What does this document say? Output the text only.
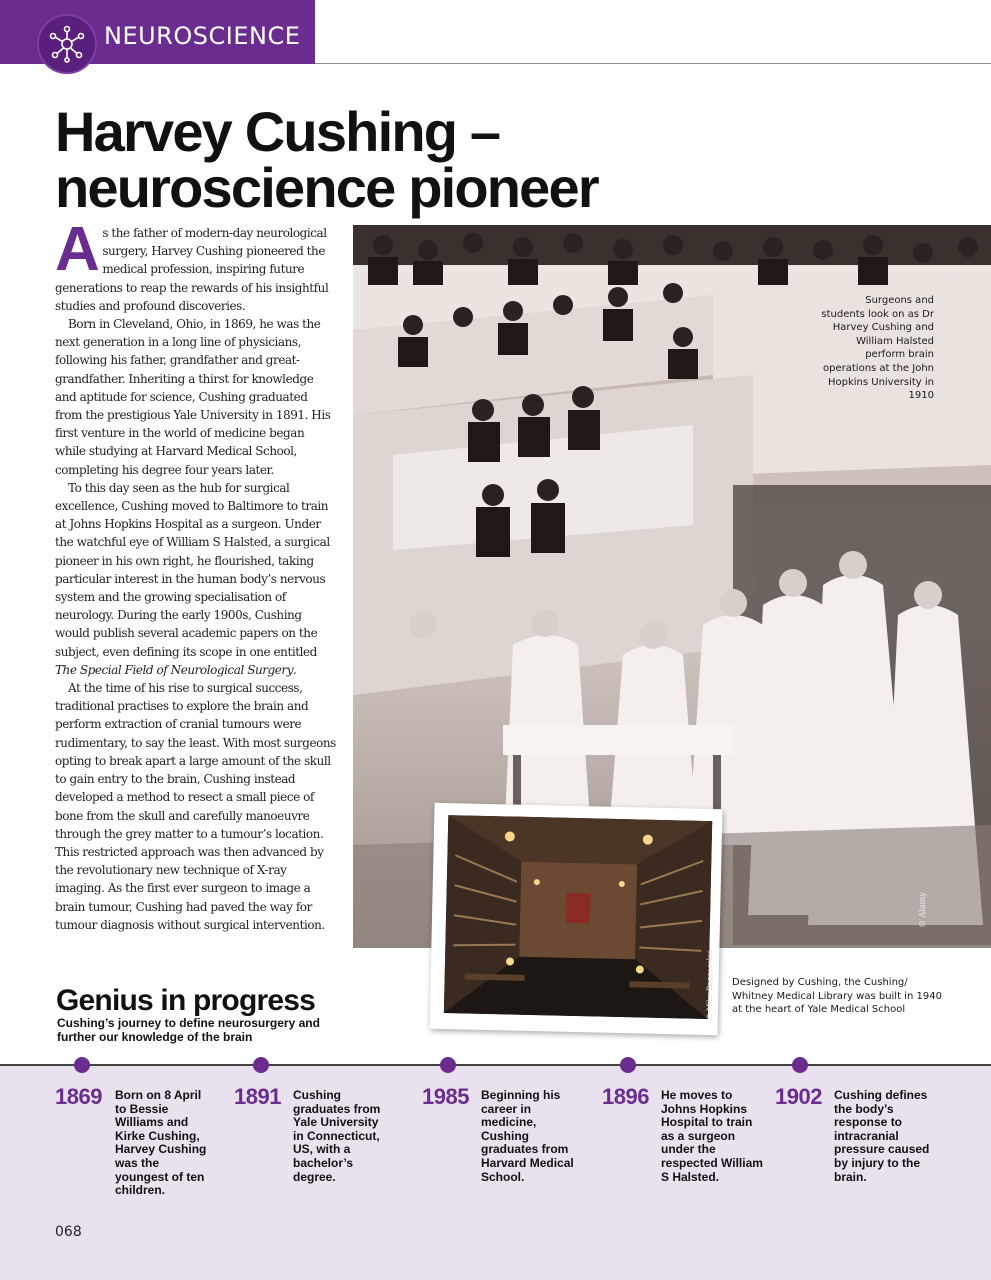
NEUROSCIENCE
Harvey Cushing –
neuroscience pioneer

As the father of modern-day neurological surgery, Harvey Cushing pioneered the medical profession, inspiring future generations to reap the rewards of his insightful studies and profound discoveries.

Born in Cleveland, Ohio, in 1869, he was the next generation in a long line of physicians, following his father, grandfather and great-grandfather. Inheriting a thirst for knowledge and aptitude for science, Cushing graduated from the prestigious Yale University in 1891. His first venture in the world of medicine began while studying at Harvard Medical School, completing his degree four years later.

To this day seen as the hub for surgical excellence, Cushing moved to Baltimore to train at Johns Hopkins Hospital as a surgeon. Under the watchful eye of William S Halsted, a surgical pioneer in his own right, he flourished, taking particular interest in the human body’s nervous system and the growing specialisation of neurology. During the early 1900s, Cushing would publish several academic papers on the subject, even defining its scope in one entitled The Special Field of Neurological Surgery.

At the time of his rise to surgical success, traditional practises to explore the brain and perform extraction of cranial tumours were rudimentary, to say the least. With most surgeons opting to break apart a large amount of the skull to gain entry to the brain, Cushing instead developed a method to resect a small piece of bone from the skull and carefully manoeuvre through the grey matter to a tumour’s location. This restricted approach was then advanced by the revolutionary new technique of X-ray imaging. As the first ever surgeon to image a brain tumour, Cushing had paved the way for tumour diagnosis without surgical intervention.

Surgeons and students look on as Dr Harvey Cushing and William Halsted perform brain operations at the John Hopkins University in 1910
© Alamy
© Mike Baggecolas Designed by Cushing, the Cushing/ Whitney Medical Library was built in 1940 at the heart of Yale Medical School
Genius in progress
Cushing’s journey to define neurosurgery and further our knowledge of the brain
1869 Born on 8 April to Bessie Williams and Kirke Cushing, Harvey Cushing was the youngest of ten children.
1891 Cushing graduates from Yale University in Connecticut, US, with a bachelor’s degree.
1985 Beginning his career in medicine, Cushing graduates from Harvard Medical School.
1896 He moves to Johns Hopkins Hospital to train as a surgeon under the respected William S Halsted.
1902 Cushing defines the body’s response to intracranial pressure caused by injury to the brain.
068
